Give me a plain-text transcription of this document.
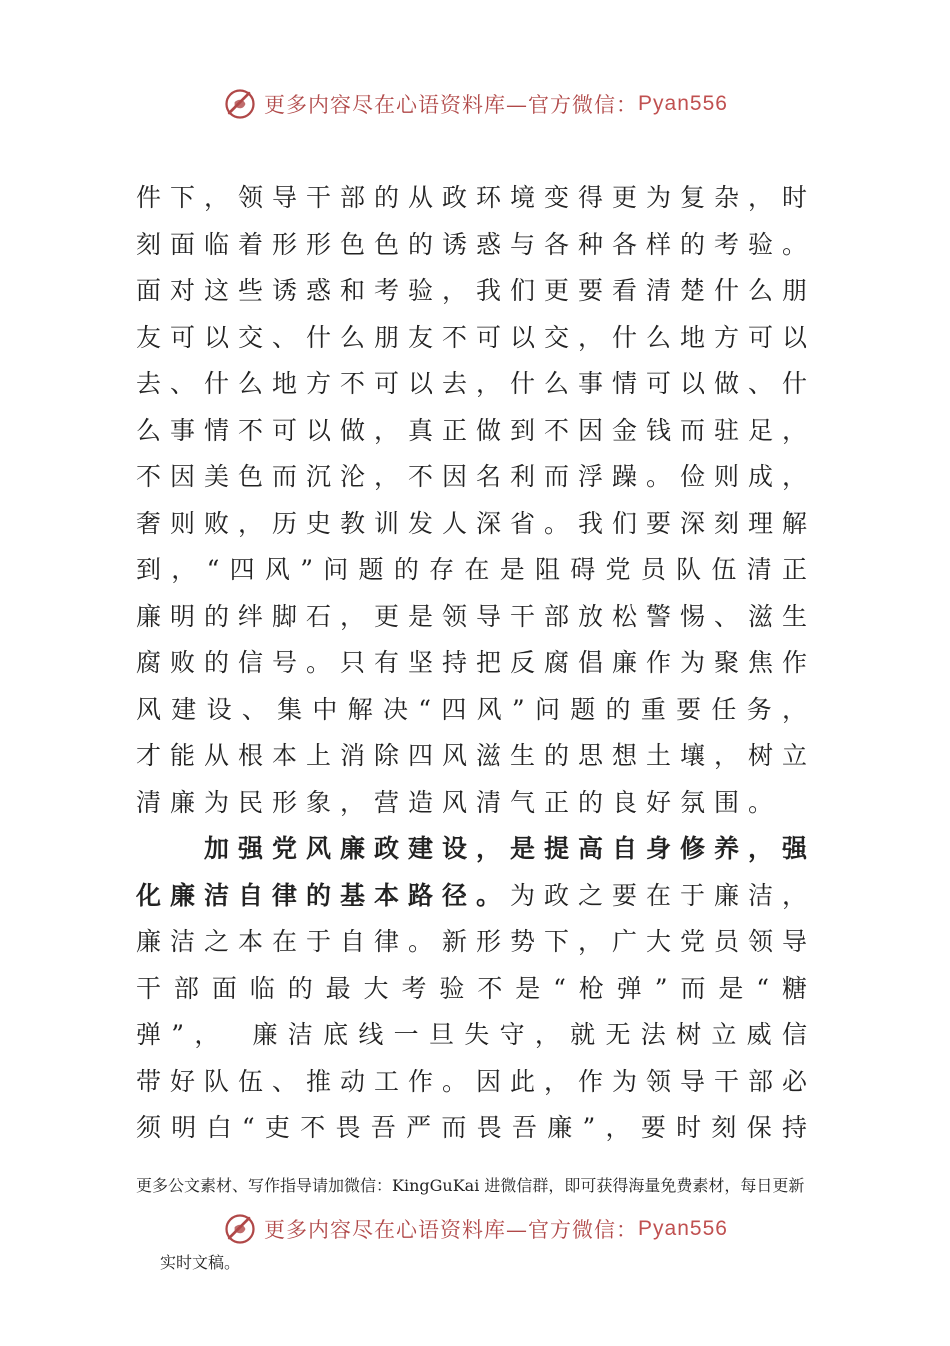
更多内容尽在心语资料库—官方微信： Pyan556
件下，领导干部的从政环境变得更为复杂，时
刻面临着形形色色的诱惑与各种各样的考验。
面对这些诱惑和考验，我们更要看清楚什么朋
友可以交、什么朋友不可以交，什么地方可以
去、什么地方不可以去，什么事情可以做、什
么事情不可以做，真正做到不因金钱而驻足，
不因美色而沉沦，不因名利而浮躁。俭则成，
奢则败，历史教训发人深省。我们要深刻理解
到，“四风”问题的存在是阻碍党员队伍清正
廉明的绊脚石，更是领导干部放松警惕、滋生
腐败的信号。只有坚持把反腐倡廉作为聚焦作
风建设、集中解决“四风”问题的重要任务，
才能从根本上消除四风滋生的思想土壤，树立
清廉为民形象，营造风清气正的良好氛围。
　　加强党风廉政建设，是提高自身修养，强
化廉洁自律的基本路径。为政之要在于廉洁，
廉洁之本在于自律。新形势下，广大党员领导
干部面临的最大考验不是“枪弹”而是“糖
弹”，　廉洁底线一旦失守，就无法树立威信
带好队伍、推动工作。因此，作为领导干部必
须明白“吏不畏吾严而畏吾廉”，要时刻保持
更多公文素材、写作指导请加微信：KingGuKai 进微信群，即可获得海量免费素材，每日更新
更多内容尽在心语资料库—官方微信： Pyan556
实时文稿。
